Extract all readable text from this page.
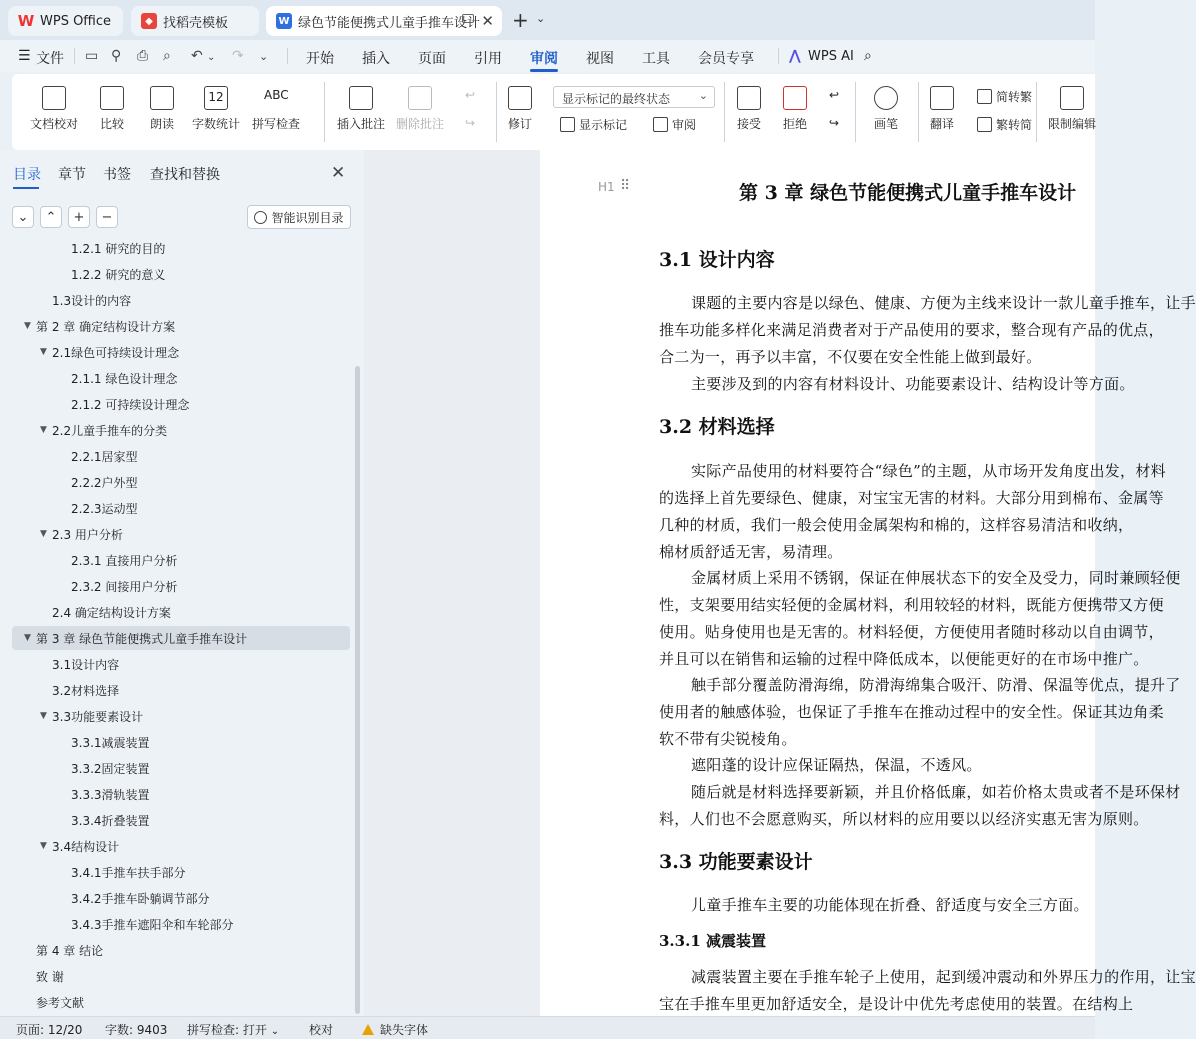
W WPS Office	◆ 找稻壳模板	W 绿色节能便携式儿童手推车设计 ✕ + ⌄
☰ 文件 ▭ ⚲ ⎙ ⌕ ↶ ⌄ ↷ ⌄	开始 插入 页面 引用 审阅 视图 工具 会员专享	⋀ WPS AI ⌕
文档校对 比较 朗读
12
字数统计
ABC
拼写检查	插入批注 删除批注
↩
↪	修订
显示标记的最终状态	⌄
显示标记	审阅	接受 拒绝
↩
↪	画笔	翻译
简转繁
繁转简 限制编辑
目录 章节 书签 查找和替换	✕
⌄	⌃	+	−	智能识别目录
1.2.1 研究的目的
1.2.2 研究的意义
1.3设计的内容
▼ 第 2 章 确定结构设计方案
▼ 2.1绿色可持续设计理念
2.1.1 绿色设计理念
2.1.2 可持续设计理念
▼ 2.2儿童手推车的分类
2.2.1居家型
2.2.2户外型
2.2.3运动型
▼ 2.3 用户分析
2.3.1 直接用户分析
2.3.2 间接用户分析
2.4 确定结构设计方案
▼ 第 3 章 绿色节能便携式儿童手推车设计
3.1设计内容
3.2材料选择
▼ 3.3功能要素设计
3.3.1减震装置
3.3.2固定装置
3.3.3滑轨装置
3.3.4折叠装置
▼ 3.4结构设计
3.4.1手推车扶手部分
3.4.2手推车卧躺调节部分
3.4.3手推车遮阳伞和车轮部分
第 4 章 结论
致 谢
参考文献
H1 ⠿	第 3 章 绿色节能便携式儿童手推车设计
3.1 设计内容
课题的主要内容是以绿色、健康、方便为主线来设计一款儿童手推车，让手
推车功能多样化来满足消费者对于产品使用的要求，整合现有产品的优点，
合二为一，再予以丰富，不仅要在安全性能上做到最好。
主要涉及到的内容有材料设计、功能要素设计、结构设计等方面。
3.2 材料选择
实际产品使用的材料要符合“绿色”的主题，从市场开发角度出发，材料
的选择上首先要绿色、健康，对宝宝无害的材料。大部分用到棉布、金属等
几种的材质，我们一般会使用金属架构和棉的，这样容易清洁和收纳，
棉材质舒适无害，易清理。
金属材质上采用不锈钢，保证在伸展状态下的安全及受力，同时兼顾轻便
性，支架要用结实轻便的金属材料，利用较轻的材料，既能方便携带又方便
使用。贴身使用也是无害的。材料轻便，方便使用者随时移动以自由调节，
并且可以在销售和运输的过程中降低成本，以便能更好的在市场中推广。
触手部分覆盖防滑海绵，防滑海绵集合吸汗、防滑、保温等优点，提升了
使用者的触感体验，也保证了手推车在推动过程中的安全性。保证其边角柔
软不带有尖锐棱角。
遮阳蓬的设计应保证隔热，保温，不透风。
随后就是材料选择要新颖，并且价格低廉，如若价格太贵或者不是环保材
料，人们也不会愿意购买，所以材料的应用要以以经济实惠无害为原则。
3.3 功能要素设计
儿童手推车主要的功能体现在折叠、舒适度与安全三方面。
3.3.1 减震装置
减震装置主要在手推车轮子上使用，起到缓冲震动和外界压力的作用，让宝
宝在手推车里更加舒适安全，是设计中优先考虑使用的装置。在结构上
页面: 12/20 字数: 9403 拼写检查: 打开 ⌄ 校对	缺失字体
